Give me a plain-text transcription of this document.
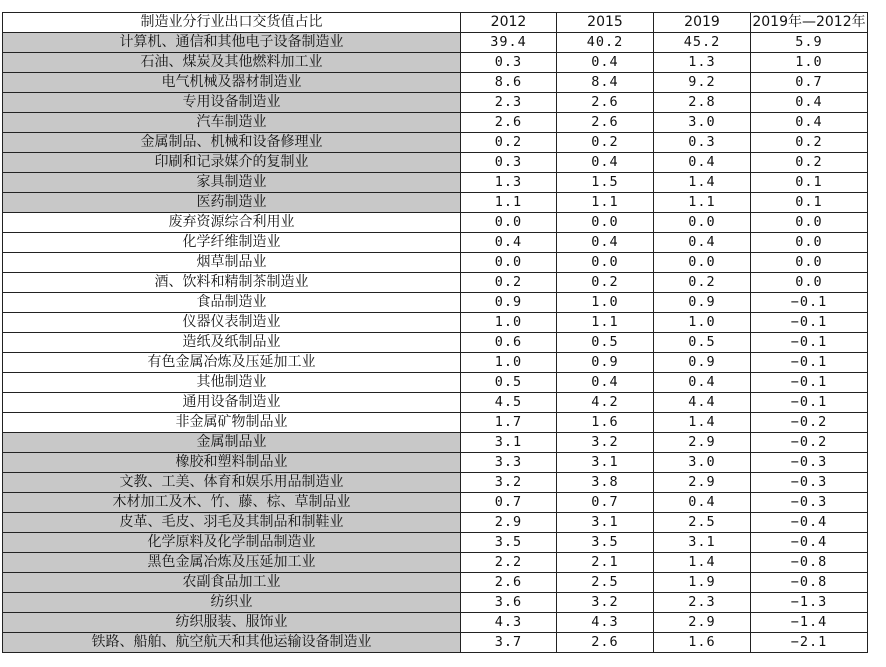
制造业分行业出口交货值占比	2012	2015	2019	2019年—2012年
计算机、通信和其他电子设备制造业	39.4	40.2	45.2	5.9
石油、煤炭及其他燃料加工业	0.3	0.4	1.3	1.0
电气机械及器材制造业	8.6	8.4	9.2	0.7
专用设备制造业	2.3	2.6	2.8	0.4
汽车制造业	2.6	2.6	3.0	0.4
金属制品、机械和设备修理业	0.2	0.2	0.3	0.2
印刷和记录媒介的复制业	0.3	0.4	0.4	0.2
家具制造业	1.3	1.5	1.4	0.1
医药制造业	1.1	1.1	1.1	0.1
废弃资源综合利用业	0.0	0.0	0.0	0.0
化学纤维制造业	0.4	0.4	0.4	0.0
烟草制品业	0.0	0.0	0.0	0.0
酒、饮料和精制茶制造业	0.2	0.2	0.2	0.0
食品制造业	0.9	1.0	0.9	−0.1
仪器仪表制造业	1.0	1.1	1.0	−0.1
造纸及纸制品业	0.6	0.5	0.5	−0.1
有色金属冶炼及压延加工业	1.0	0.9	0.9	−0.1
其他制造业	0.5	0.4	0.4	−0.1
通用设备制造业	4.5	4.2	4.4	−0.1
非金属矿物制品业	1.7	1.6	1.4	−0.2
金属制品业	3.1	3.2	2.9	−0.2
橡胶和塑料制品业	3.3	3.1	3.0	−0.3
文教、工美、体育和娱乐用品制造业	3.2	3.8	2.9	−0.3
木材加工及木、竹、藤、棕、草制品业	0.7	0.7	0.4	−0.3
皮革、毛皮、羽毛及其制品和制鞋业	2.9	3.1	2.5	−0.4
化学原料及化学制品制造业	3.5	3.5	3.1	−0.4
黑色金属冶炼及压延加工业	2.2	2.1	1.4	−0.8
农副食品加工业	2.6	2.5	1.9	−0.8
纺织业	3.6	3.2	2.3	−1.3
纺织服装、服饰业	4.3	4.3	2.9	−1.4
铁路、船舶、航空航天和其他运输设备制造业	3.7	2.6	1.6	−2.1
